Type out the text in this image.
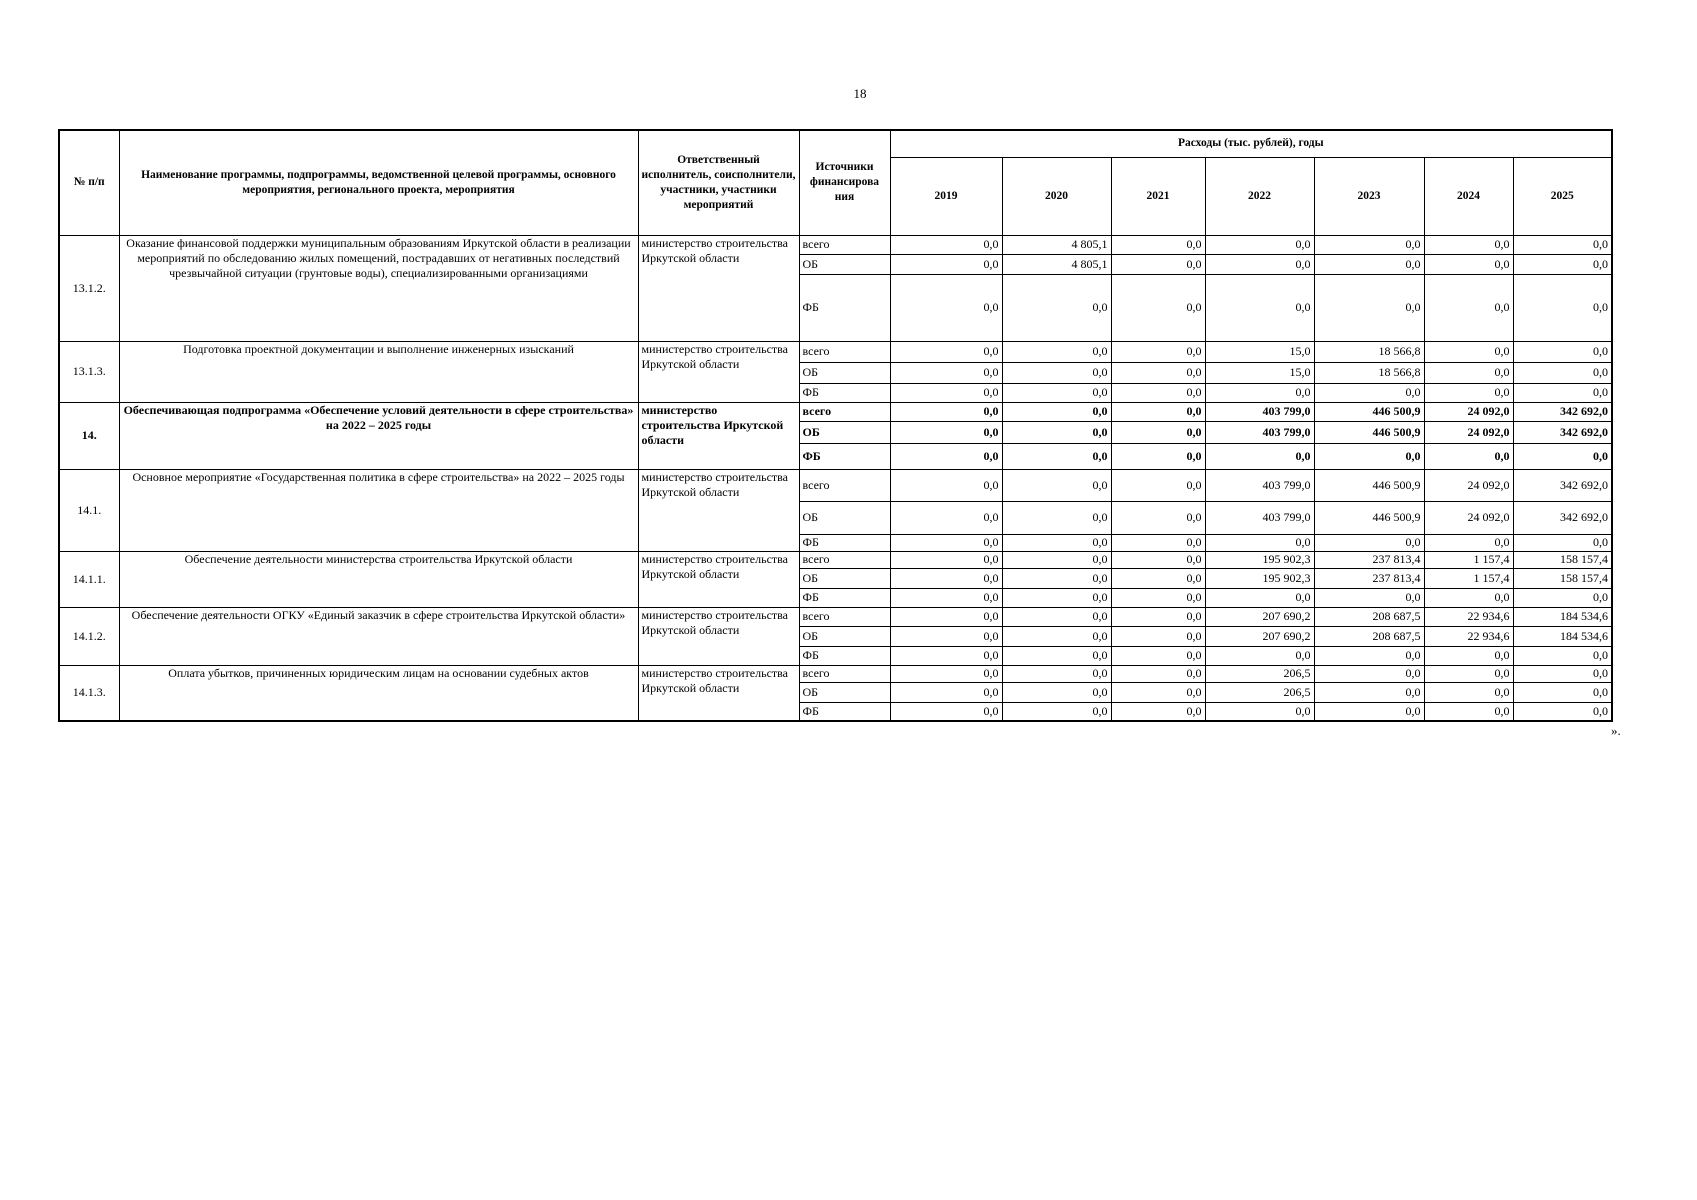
18
№ п/п	Наименование программы, подпрограммы, ведомственной целевой программы, основного мероприятия, регионального проекта, мероприятия	Ответственный исполнитель, соисполнители, участники, участники мероприятий	Источники финансирова ния	Расходы (тыс. рублей), годы						
				2019	2020	2021	2022	2023	2024	2025
13.1.2.	Оказание финансовой поддержки муниципальным образованиям Иркутской области в реализации мероприятий по обследованию жилых помещений, пострадавших от негативных последствий чрезвычайной ситуации (грунтовые воды), специализированными организациями	министерство строительства Иркутской области	всего	0,0	4 805,1	0,0	0,0	0,0	0,0	0,0
			ОБ	0,0	4 805,1	0,0	0,0	0,0	0,0	0,0
			ФБ	0,0	0,0	0,0	0,0	0,0	0,0	0,0
13.1.3.	Подготовка проектной документации и выполнение инженерных изысканий	министерство строительства Иркутской области	всего	0,0	0,0	0,0	15,0	18 566,8	0,0	0,0
			ОБ	0,0	0,0	0,0	15,0	18 566,8	0,0	0,0
			ФБ	0,0	0,0	0,0	0,0	0,0	0,0	0,0
14.	Обеспечивающая подпрограмма «Обеспечение условий деятельности в сфере строительства» на 2022 – 2025 годы	министерство строительства Иркутской области	всего	0,0	0,0	0,0	403 799,0	446 500,9	24 092,0	342 692,0
			ОБ	0,0	0,0	0,0	403 799,0	446 500,9	24 092,0	342 692,0
			ФБ	0,0	0,0	0,0	0,0	0,0	0,0	0,0
14.1.	Основное мероприятие «Государственная политика в сфере строительства» на 2022 – 2025 годы	министерство строительства Иркутской области	всего	0,0	0,0	0,0	403 799,0	446 500,9	24 092,0	342 692,0
			ОБ	0,0	0,0	0,0	403 799,0	446 500,9	24 092,0	342 692,0
			ФБ	0,0	0,0	0,0	0,0	0,0	0,0	0,0
14.1.1.	Обеспечение деятельности министерства строительства Иркутской области	министерство строительства Иркутской области	всего	0,0	0,0	0,0	195 902,3	237 813,4	1 157,4	158 157,4
			ОБ	0,0	0,0	0,0	195 902,3	237 813,4	1 157,4	158 157,4
			ФБ	0,0	0,0	0,0	0,0	0,0	0,0	0,0
14.1.2.	Обеспечение деятельности ОГКУ «Единый заказчик в сфере строительства Иркутской области»	министерство строительства Иркутской области	всего	0,0	0,0	0,0	207 690,2	208 687,5	22 934,6	184 534,6
			ОБ	0,0	0,0	0,0	207 690,2	208 687,5	22 934,6	184 534,6
			ФБ	0,0	0,0	0,0	0,0	0,0	0,0	0,0
14.1.3.	Оплата убытков, причиненных юридическим лицам на основании судебных актов	министерство строительства Иркутской области	всего	0,0	0,0	0,0	206,5	0,0	0,0	0,0
			ОБ	0,0	0,0	0,0	206,5	0,0	0,0	0,0
			ФБ	0,0	0,0	0,0	0,0	0,0	0,0	0,0
».
